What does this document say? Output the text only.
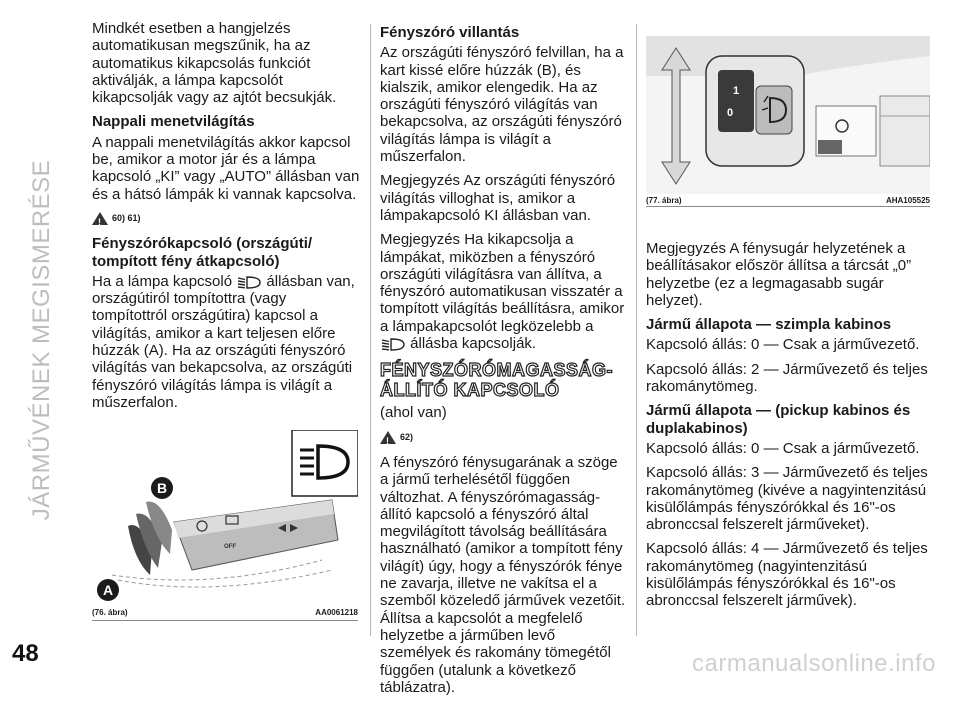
JÁRMŰVÉNEK MEGISMERÉSE
48	carmanualsonline.info

Mindkét esetben a hangjelzés automatikusan megszűnik, ha az automatikus kikapcsolás funkciót aktiválják, a lámpa kapcsolót kikapcsolják vagy az ajtót becsukják.

Nappali menetvilágítás

A nappali menetvilágítás akkor kapcsol be, amikor a motor jár és a lámpa kapcsoló „KI” vagy „AUTO” állásban van és a hátsó lámpák ki vannak kapcsolva.

!
60) 61)
Fényszórókapcsoló (országúti/ tompított fény átkapcsoló)

Ha a lámpa kapcsoló állásban van, országútiról tompítottra (vagy tompítottról országútira) kapcsol a világítás, amikor a kart teljesen előre húzzák (A). Ha az országúti fényszóró világítás van bekapcsolva, az országúti fényszóró világítás lámpa is világít a műszerfalon.

B
A
OFF
(76. ábra)	AA0061218
Fényszóró villantás

Az országúti fényszóró felvillan, ha a kart kissé előre húzzák (B), és kialszik, amikor elengedik. Ha az országúti fényszóró világítás van bekapcsolva, az országúti fényszóró világítás lámpa is világít a műszerfalon.

Megjegyzés Az országúti fényszóró világítás villoghat is, amikor a lámpakapcsoló KI állásban van.

Megjegyzés Ha kikapcsolja a lámpákat, miközben a fényszóró országúti világításra van állítva, a fényszóró automatikusan visszatér a tompított világítás beállításra, amikor a lámpakapcsolót legközelebb a
állásba kapcsolják.

FÉNYSZÓRÓMAGASSÁG-ÁLLÍTÓ KAPCSOLÓ

(ahol van)

!
62)

A fényszóró fénysugarának a szöge a jármű terhelésétől függően változhat. A fényszórómagasság-állító kapcsoló a fényszóró által megvilágított távolság beállítására használható (amikor a tompított fény világít) úgy, hogy a fényszórók fénye ne zavarja, illetve ne vakítsa el a szemből közeledő járművek vezetőit. Állítsa a kapcsolót a megfelelő helyzetbe a járműben levő személyek és rakomány tömegétől függően (utalunk a következő táblázatra).

1
0
(77. ábra)	AHA105525

Megjegyzés A fénysugár helyzetének a beállításakor először állítsa a tárcsát „0” helyzetbe (ez a legmagasabb sugár helyzet).

Jármű állapota — szimpla kabinos

Kapcsoló állás: 0 — Csak a járművezető.

Kapcsoló állás: 2 — Járművezető és teljes rakománytömeg.

Jármű állapota — (pickup kabinos és duplakabinos)

Kapcsoló állás: 0 — Csak a járművezető.

Kapcsoló állás: 3 — Járművezető és teljes rakománytömeg (kivéve a nagyintenzitású kisülőlámpás fényszórókkal és 16"-os abronccsal felszerelt járműveket).

Kapcsoló állás: 4 — Járművezető és teljes rakománytömeg (nagyintenzitású kisülőlámpás fényszórókkal és 16"-os abronccsal felszerelt járművek).
